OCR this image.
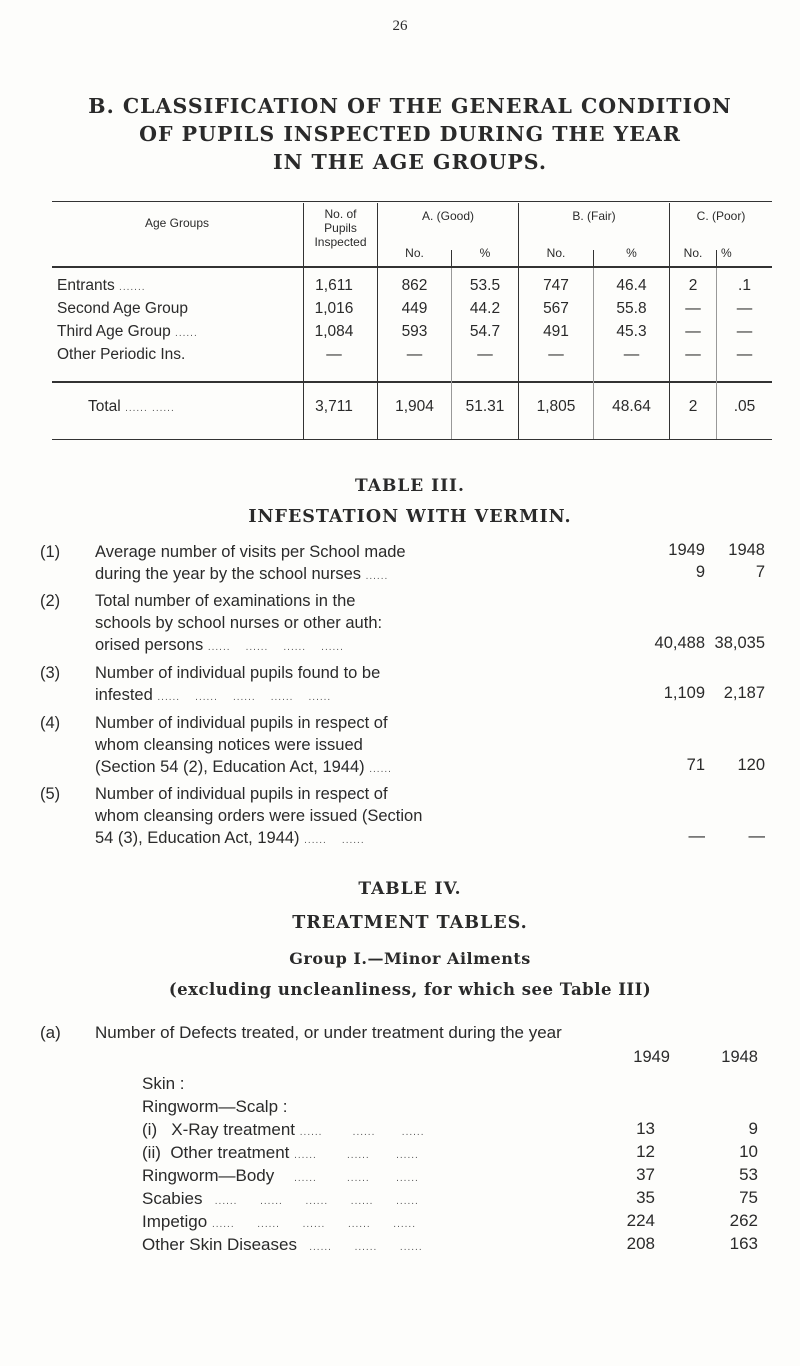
26
B. CLASSIFICATION OF THE GENERAL CONDITION
OF PUPILS INSPECTED DURING THE YEAR
IN THE AGE GROUPS.
Age Groups
No. of
Pupils
Inspected
A. (Good)	B. (Fair)	C. (Poor)
No.	%	No.	%	No.	%
Entrants .......	1,611	862	53.5	747	46.4	2	.1
Second Age Group	1,016	449	44.2	567	55.8	—	—
Third Age Group ......	1,084	593	54.7	491	45.3	—	—
Other Periodic Ins.	—	—	—	—	—	—	—
Total ...... ......	3,711	1,904	51.31	1,805	48.64	2	.05
TABLE III.
INFESTATION WITH VERMIN.
1949	1948
(1) Average number of visits per School made
during the year by the school nurses ......	9	7
(2) Total number of examinations in the
schools by school nurses or other auth:
orised persons ......    ......    ......    ......	40,488 38,035
(3) Number of individual pupils found to be
infested ......    ......    ......    ......    ......	1,109	2,187
(4) Number of individual pupils in respect of
whom cleansing notices were issued
(Section 54 (2), Education Act, 1944) ......	71	120
(5) Number of individual pupils in respect of
whom cleansing orders were issued (Section
54 (3), Education Act, 1944) ......    ......	—	—
TABLE IV.
TREATMENT TABLES.
Group I.—Minor Ailments
(excluding uncleanliness, for which see Table III)
(a) Number of Defects treated, or under treatment during the year
1949	1948
Skin :
Ringworm—Scalp :
(i)   X-Ray treatment ......        ......       ......	13	9
(ii)  Other treatment ......        ......       ......	12	10
Ringworm—Body     ......        ......       ......	37	53
Scabies   ......      ......      ......      ......      ......	35	75
Impetigo ......      ......      ......      ......      ......	224	262
Other Skin Diseases   ......      ......      ......	208	163
